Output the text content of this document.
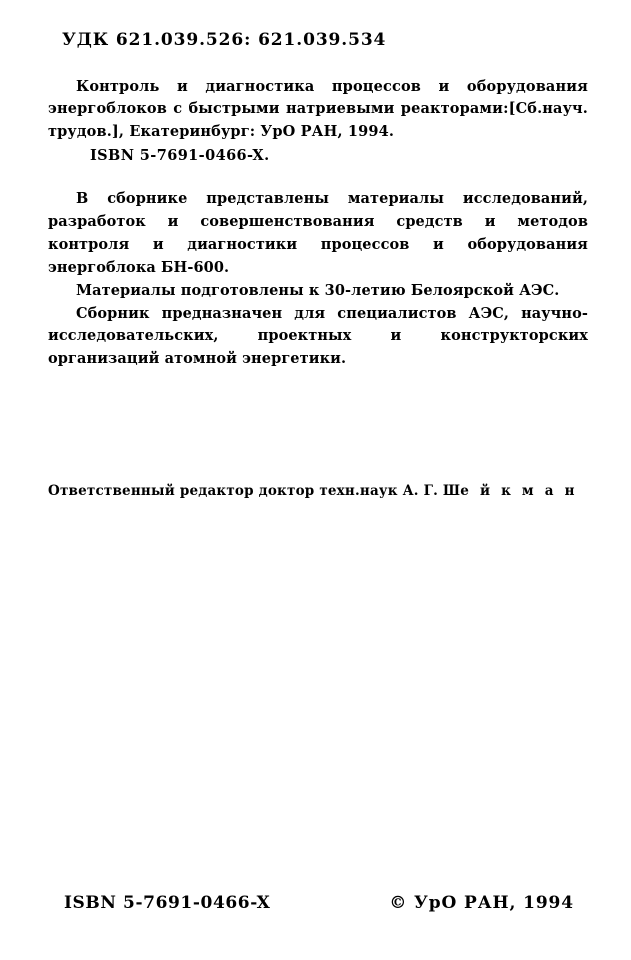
УДК 621.039.526: 621.039.534
Контроль и диагностика процессов и оборудования энергоблоков с быстрыми натриевыми реакторами:[Сб.науч. трудов.], Екатеринбург: УрО РАН, 1994.
ISBN 5-7691-0466-X.

В сборнике представлены материалы исследований, разработок и совершенствования средств и методов контроля и диагностики процессов и оборудования энергоблока БН-600.

Материалы подготовлены к 30-летию Белоярской АЭС.

Сборник предназначен для специалистов АЭС, научно-исследовательских, проектных и конструкторских организаций атомной энергетики.

Ответственный редактор доктор техн.наук А. Г. Ше й к м а н
ISBN 5-7691-0466-X	© УрО РАН, 1994
